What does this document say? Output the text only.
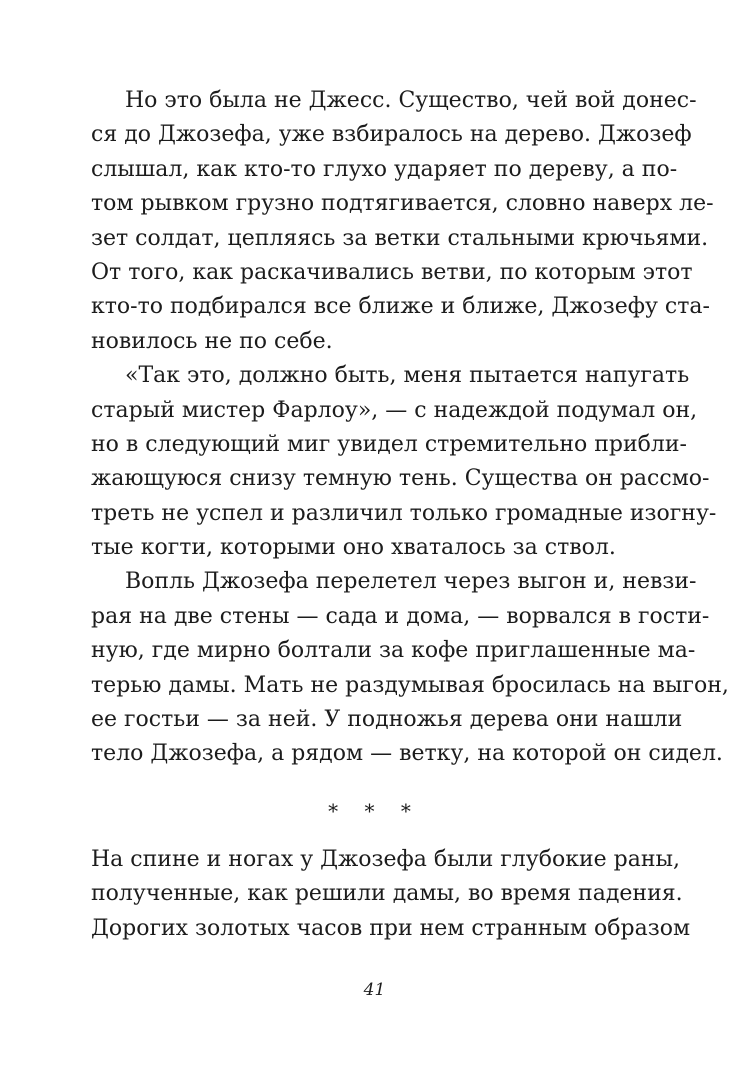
Но это была не Джесс. Существо, чей вой донес-
ся до Джозефа, уже взбиралось на дерево. Джозеф
слышал, как кто-то глухо ударяет по дереву, а по-
том рывком грузно подтягивается, словно наверх ле-
зет солдат, цепляясь за ветки стальными крючьями.
От того, как раскачивались ветви, по которым этот
кто-то подбирался все ближе и ближе, Джозефу ста-
новилось не по себе.
«Так это, должно быть, меня пытается напугать
старый мистер Фарлоу», — с надеждой подумал он,
но в следующий миг увидел стремительно прибли-
жающуюся снизу темную тень. Существа он рассмо-
треть не успел и различил только громадные изогну-
тые когти, которыми оно хваталось за ствол.
Вопль Джозефа перелетел через выгон и, невзи-
рая на две стены — сада и дома, — ворвался в гости-
ную, где мирно болтали за кофе приглашенные ма-
терью дамы. Мать не раздумывая бросилась на выгон,
ее гостьи — за ней. У подножья дерева они нашли
тело Джозефа, а рядом — ветку, на которой он сидел.
* * *
На спине и ногах у Джозефа были глубокие раны,
полученные, как решили дамы, во время падения.
Дорогих золотых часов при нем странным образом
41
